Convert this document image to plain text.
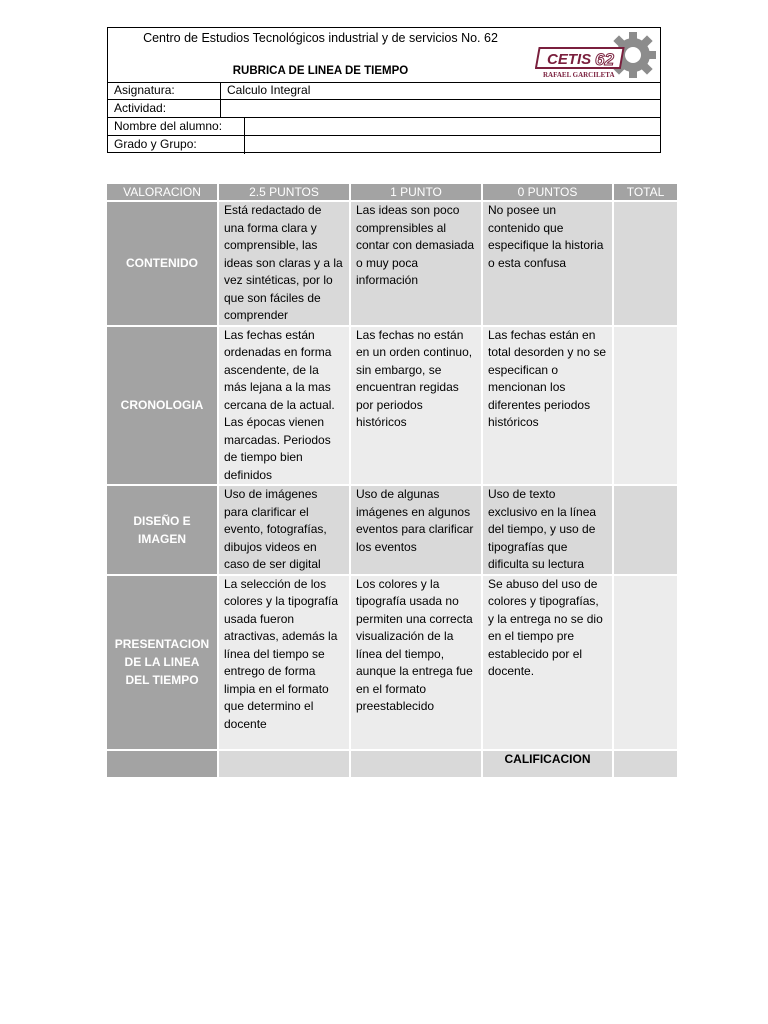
Centro de Estudios Tecnológicos industrial y de servicios No. 62
RUBRICA DE LINEA DE TIEMPO
CETIS 62
RAFAEL GARCILETA
Asignatura:	Calculo Integral
Actividad:
Nombre del alumno:
Grado y Grupo:
VALORACION	2.5 PUNTOS	1 PUNTO	0 PUNTOS	TOTAL
CONTENIDO	Está redactado de una forma clara y comprensible, las ideas son claras y a la vez sintéticas, por lo que son fáciles de comprender	Las ideas son poco comprensibles al contar con demasiada o muy poca información	No posee un contenido que especifique la historia o esta confusa	
CRONOLOGIA	Las fechas están ordenadas en forma ascendente, de la más lejana a la mas cercana de la actual. Las épocas vienen marcadas. Periodos de tiempo bien definidos	Las fechas no están en un orden continuo, sin embargo, se encuentran regidas por periodos históricos	Las fechas están en total desorden y no se especifican o mencionan los diferentes periodos históricos	
DISEÑO E IMAGEN	Uso de imágenes para clarificar el evento, fotografías, dibujos videos en caso de ser digital	Uso de algunas imágenes en algunos eventos para clarificar los eventos	Uso de texto exclusivo en la línea del tiempo, y uso de tipografías que dificulta su lectura	
PRESENTACION DE LA LINEA DEL TIEMPO	La selección de los colores y la tipografía usada fueron atractivas, además la línea del tiempo se entrego de forma limpia en el formato que determino el docente	Los colores y la tipografía usada no permiten una correcta visualización de la línea del tiempo, aunque la entrega fue en el formato preestablecido	Se abuso del uso de colores y tipografías, y la entrega no se dio en el tiempo pre establecido por el docente.	
			CALIFICACION	
